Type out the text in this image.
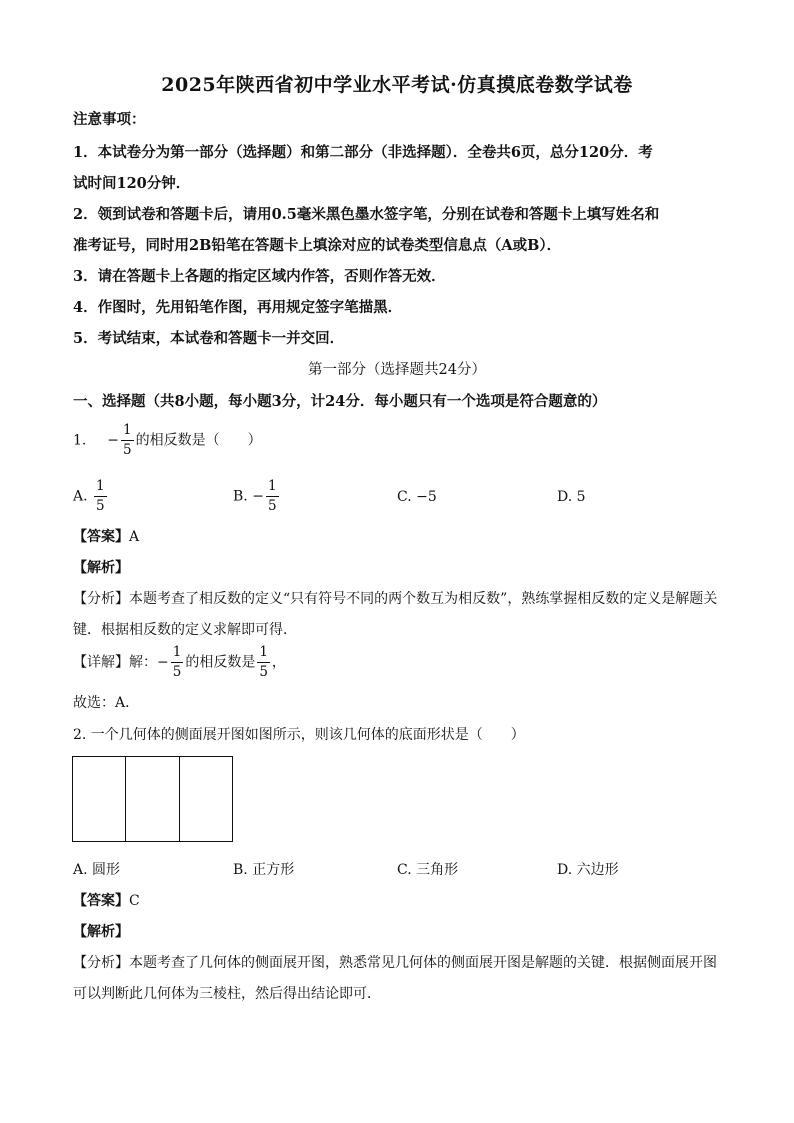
2025年陕西省初中学业水平考试·仿真摸底卷数学试卷
注意事项：
1．本试卷分为第一部分（选择题）和第二部分（非选择题）．全卷共6页，总分120分．考
试时间120分钟．
2．领到试卷和答题卡后，请用0.5毫米黑色墨水签字笔，分别在试卷和答题卡上填写姓名和
准考证号，同时用2B铅笔在答题卡上填涂对应的试卷类型信息点（A或B）．
3．请在答题卡上各题的指定区域内作答，否则作答无效．
4．作图时，先用铅笔作图，再用规定签字笔描黑．
5．考试结束，本试卷和答题卡一并交回．
第一部分（选择题共24分）
一、选择题（共8小题，每小题3分，计24分．每小题只有一个选项是符合题意的）
1. − $\frac{1}{5}$ 的相反数是（　　）
A. $\frac{1}{5}$	B. − $\frac{1}{5}$	C. −5	D. 5
【答案】A
【解析】
【分析】本题考查了相反数的定义“只有符号不同的两个数互为相反数”，熟练掌握相反数的定义是解题关
键．根据相反数的定义求解即可得．
【详解】解：− $\frac{1}{5}$ 的相反数是 $\frac{1}{5}$ ，
故选：A．
2. 一个几何体的侧面展开图如图所示，则该几何体的底面形状是（　　）
A. 圆形	B. 正方形	C. 三角形	D. 六边形
【答案】C
【解析】
【分析】本题考查了几何体的侧面展开图，熟悉常见几何体的侧面展开图是解题的关键．根据侧面展开图
可以判断此几何体为三棱柱，然后得出结论即可．
